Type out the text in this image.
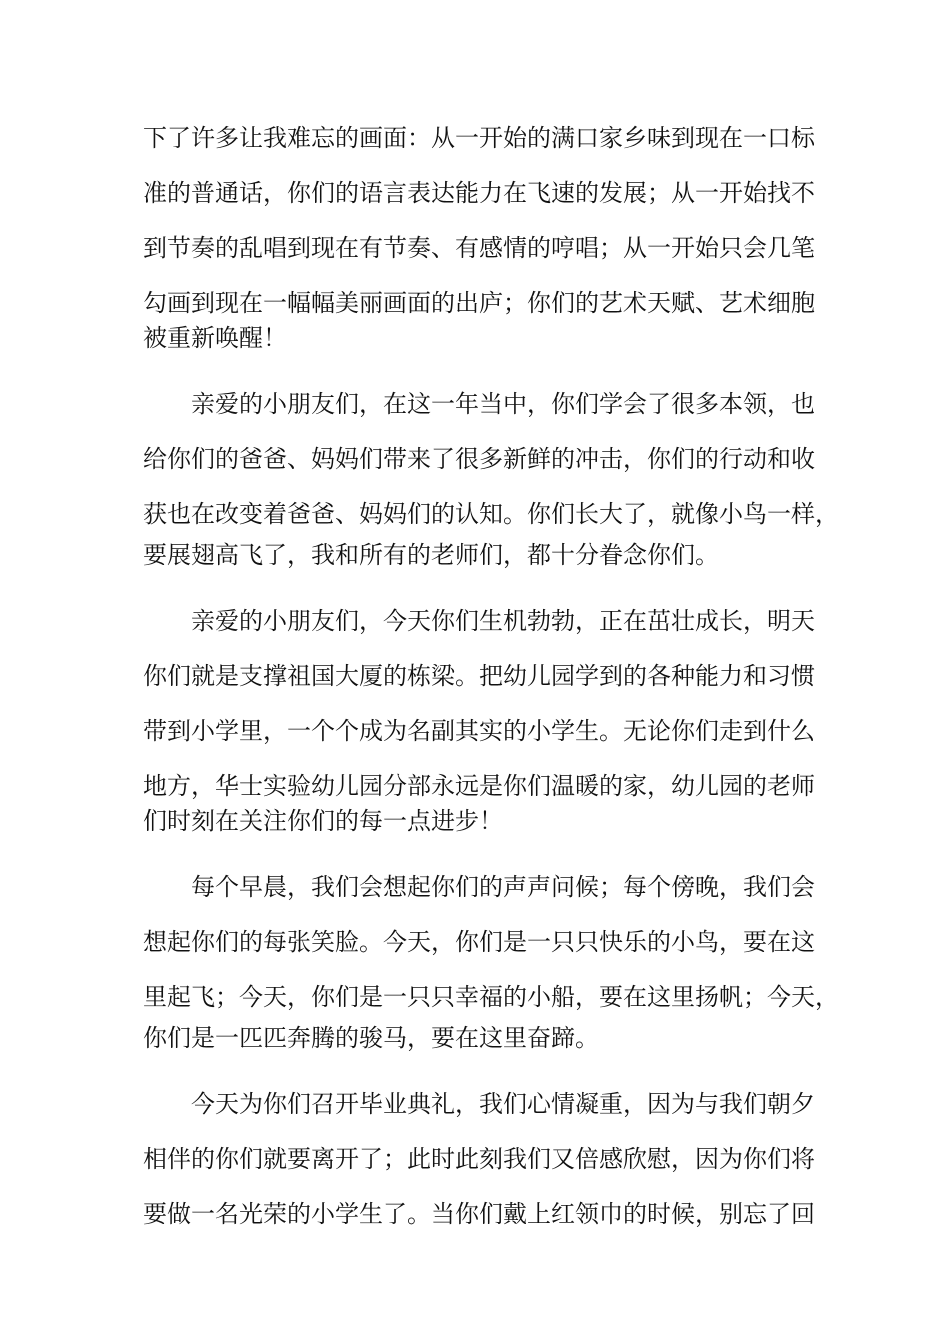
下了许多让我难忘的画面：从一开始的满口家乡味到现在一口标
准的普通话，你们的语言表达能力在飞速的发展；从一开始找不
到节奏的乱唱到现在有节奏、有感情的哼唱；从一开始只会几笔
勾画到现在一幅幅美丽画面的出庐；你们的艺术天赋、艺术细胞
被重新唤醒！
亲爱的小朋友们，在这一年当中，你们学会了很多本领，也
给你们的爸爸、妈妈们带来了很多新鲜的冲击，你们的行动和收
获也在改变着爸爸、妈妈们的认知。你们长大了，就像小鸟一样，
要展翅高飞了，我和所有的老师们，都十分眷念你们。
亲爱的小朋友们，今天你们生机勃勃，正在茁壮成长，明天
你们就是支撑祖国大厦的栋梁。把幼儿园学到的各种能力和习惯
带到小学里，一个个成为名副其实的小学生。无论你们走到什么
地方，华士实验幼儿园分部永远是你们温暖的家，幼儿园的老师
们时刻在关注你们的每一点进步！
每个早晨，我们会想起你们的声声问候；每个傍晚，我们会
想起你们的每张笑脸。今天，你们是一只只快乐的小鸟，要在这
里起飞；今天，你们是一只只幸福的小船，要在这里扬帆；今天，
你们是一匹匹奔腾的骏马，要在这里奋蹄。
今天为你们召开毕业典礼，我们心情凝重，因为与我们朝夕
相伴的你们就要离开了；此时此刻我们又倍感欣慰，因为你们将
要做一名光荣的小学生了。当你们戴上红领巾的时候，别忘了回
